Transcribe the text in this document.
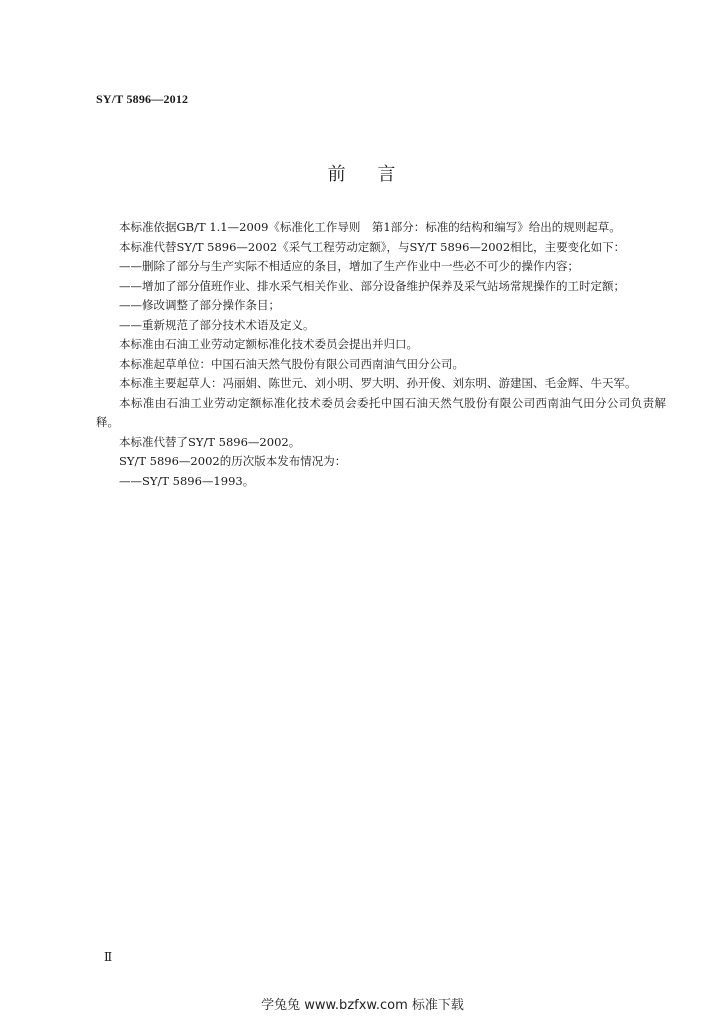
SY/T 5896—2012
前 言

本标准依据GB/T 1.1—2009《标准化工作导则　第1部分：标准的结构和编写》给出的规则起草。

本标准代替SY/T 5896—2002《采气工程劳动定额》，与SY/T 5896—2002相比，主要变化如下：

——删除了部分与生产实际不相适应的条目，增加了生产作业中一些必不可少的操作内容；

——增加了部分值班作业、排水采气相关作业、部分设备维护保养及采气站场常规操作的工时定额；

——修改调整了部分操作条目；

——重新规范了部分技术术语及定义。

本标准由石油工业劳动定额标准化技术委员会提出并归口。

本标准起草单位：中国石油天然气股份有限公司西南油气田分公司。

本标准主要起草人：冯丽娟、陈世元、刘小明、罗大明、孙开俊、刘东明、游建国、毛金辉、牛天军。

本标准由石油工业劳动定额标准化技术委员会委托中国石油天然气股份有限公司西南油气田分公司负责解释。

本标准代替了SY/T 5896—2002。

SY/T 5896—2002的历次版本发布情况为：

——SY/T 5896—1993。

Ⅱ
学兔兔 www.bzfxw.com 标准下载
